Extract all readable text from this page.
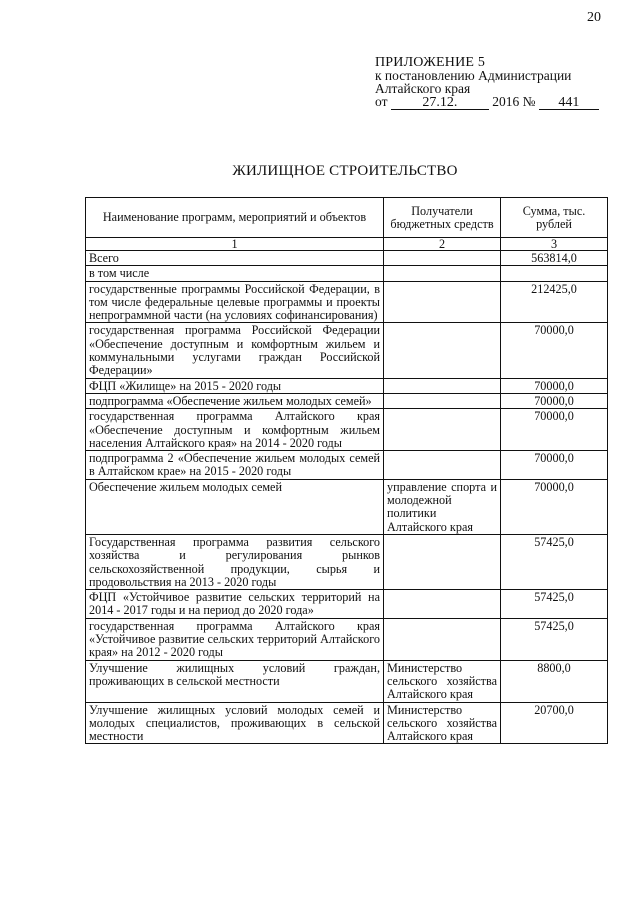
20
ПРИЛОЖЕНИЕ 5
к постановлению Администрации
Алтайского края
от 27.12.	2016 № 441
ЖИЛИЩНОЕ СТРОИТЕЛЬСТВО
Наименование программ, мероприятий и объектов	Получатели бюджетных средств	Сумма, тыс. рублей
1	2	3
Всего		563814,0
в том числе		
государственные программы Российской Федерации, в том числе федеральные целевые программы и проекты непрограммной части (на условиях софинансирования)		212425,0
государственная программа Российской Федерации «Обеспечение доступным и комфортным жильем и коммунальными услугами граждан Российской Федерации»		70000,0
ФЦП «Жилище» на 2015 - 2020 годы		70000,0
подпрограмма «Обеспечение жильем молодых семей»		70000,0
государственная программа Алтайского края «Обеспечение доступным и комфортным жильем населения Алтайского края» на 2014 - 2020 годы		70000,0
подпрограмма 2 «Обеспечение жильем молодых семей в Алтайском крае» на 2015 - 2020 годы		70000,0
Обеспечение жильем молодых семей	управление спорта и молодежной политики Алтайского края	70000,0
Государственная программа развития сельского хозяйства и регулирования рынков сельскохозяйственной продукции, сырья и продовольствия на 2013 - 2020 годы		57425,0
ФЦП «Устойчивое развитие сельских территорий на 2014 - 2017 годы и на период до 2020 года»		57425,0
государственная программа Алтайского края «Устойчивое развитие сельских территорий Алтайского края» на 2012 - 2020 годы		57425,0
Улучшение жилищных условий граждан, проживающих в сельской местности	Министерство сельского хозяйства Алтайского края	8800,0
Улучшение жилищных условий молодых семей и молодых специалистов, проживающих в сельской местности	Министерство сельского хозяйства Алтайского края	20700,0
